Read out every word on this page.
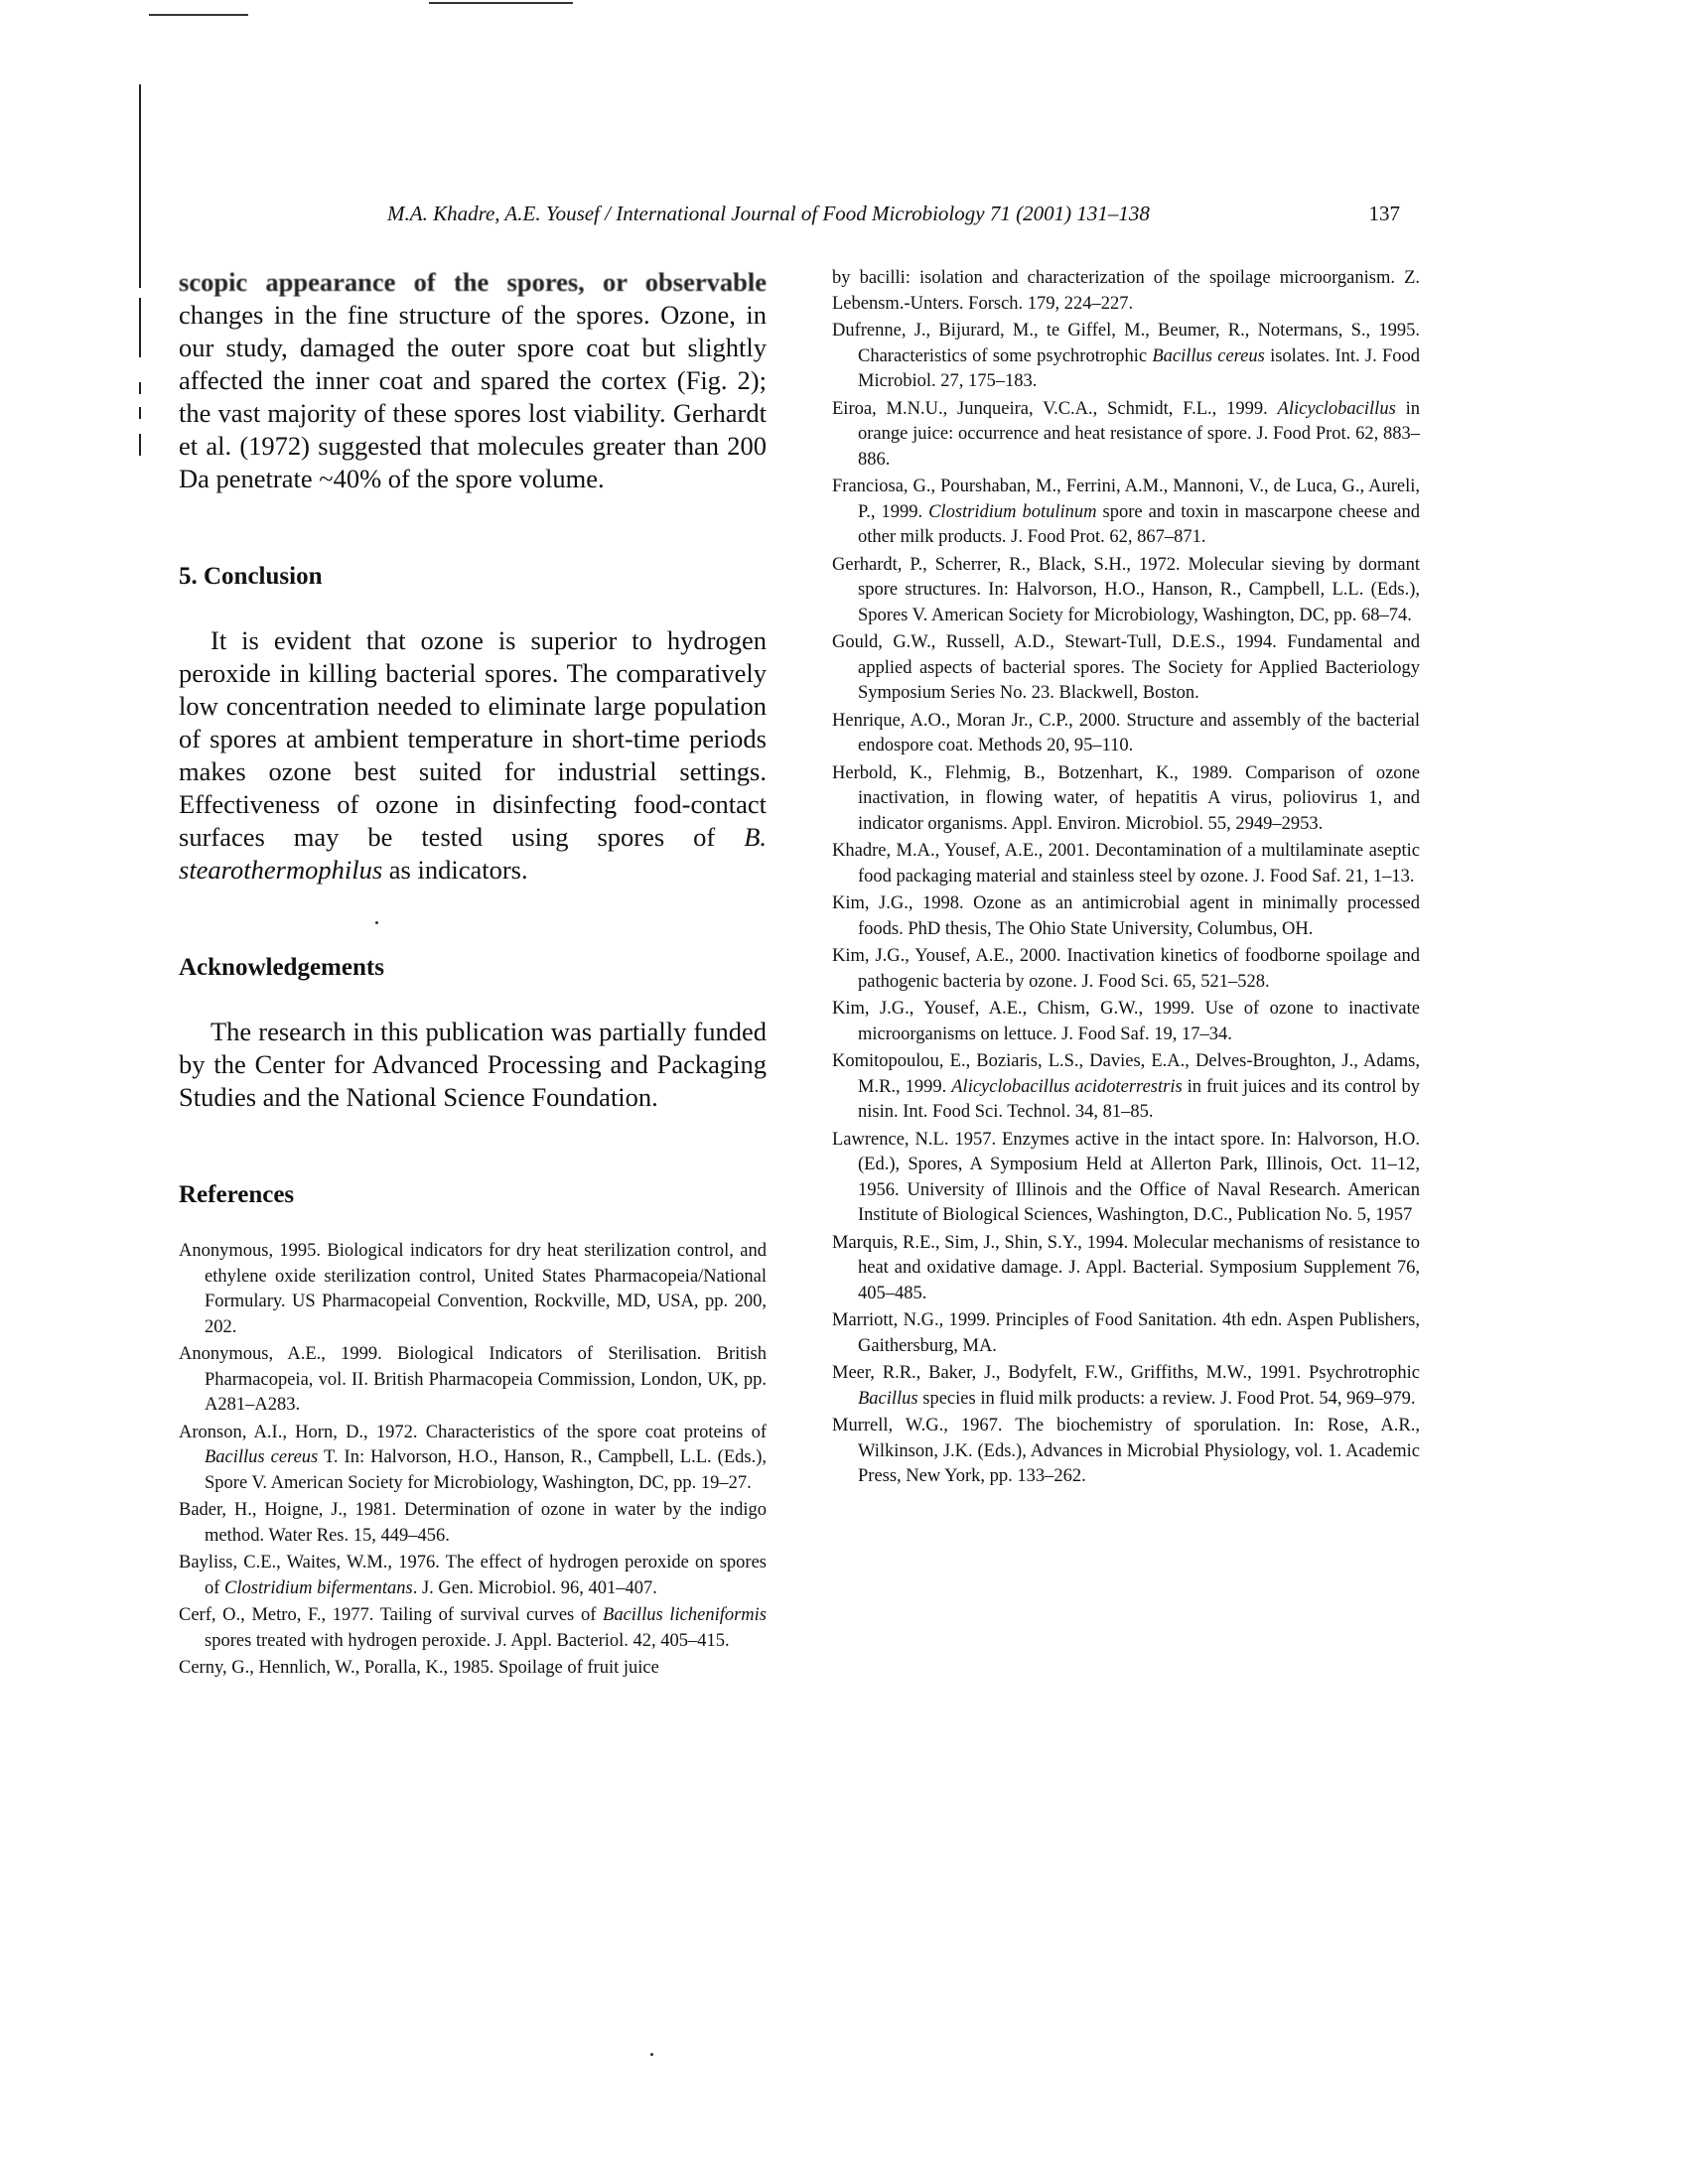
M.A. Khadre, A.E. Yousef / International Journal of Food Microbiology 71 (2001) 131–138	137

scopic appearance of the spores, or observable changes in the fine structure of the spores. Ozone, in our study, damaged the outer spore coat but slightly affected the inner coat and spared the cortex (Fig. 2); the vast majority of these spores lost viability. Gerhardt et al. (1972) suggested that molecules greater than 200 Da penetrate ~40% of the spore volume.

5. Conclusion

It is evident that ozone is superior to hydrogen peroxide in killing bacterial spores. The comparatively low concentration needed to eliminate large population of spores at ambient temperature in short-time periods makes ozone best suited for industrial settings. Effectiveness of ozone in disinfecting food-contact surfaces may be tested using spores of B. stearothermophilus as indicators.

Acknowledgements

The research in this publication was partially funded by the Center for Advanced Processing and Packaging Studies and the National Science Foundation.

References

Anonymous, 1995. Biological indicators for dry heat sterilization control, and ethylene oxide sterilization control, United States Pharmacopeia/National Formulary. US Pharmacopeial Convention, Rockville, MD, USA, pp. 200, 202.

Anonymous, A.E., 1999. Biological Indicators of Sterilisation. British Pharmacopeia, vol. II. British Pharmacopeia Commission, London, UK, pp. A281–A283.

Aronson, A.I., Horn, D., 1972. Characteristics of the spore coat proteins of Bacillus cereus T. In: Halvorson, H.O., Hanson, R., Campbell, L.L. (Eds.), Spore V. American Society for Microbiology, Washington, DC, pp. 19–27.

Bader, H., Hoigne, J., 1981. Determination of ozone in water by the indigo method. Water Res. 15, 449–456.

Bayliss, C.E., Waites, W.M., 1976. The effect of hydrogen peroxide on spores of Clostridium bifermentans. J. Gen. Microbiol. 96, 401–407.

Cerf, O., Metro, F., 1977. Tailing of survival curves of Bacillus licheniformis spores treated with hydrogen peroxide. J. Appl. Bacteriol. 42, 405–415.

Cerny, G., Hennlich, W., Poralla, K., 1985. Spoilage of fruit juice

by bacilli: isolation and characterization of the spoilage microorganism. Z. Lebensm.-Unters. Forsch. 179, 224–227.

Dufrenne, J., Bijurard, M., te Giffel, M., Beumer, R., Notermans, S., 1995. Characteristics of some psychrotrophic Bacillus cereus isolates. Int. J. Food Microbiol. 27, 175–183.

Eiroa, M.N.U., Junqueira, V.C.A., Schmidt, F.L., 1999. Alicyclobacillus in orange juice: occurrence and heat resistance of spore. J. Food Prot. 62, 883–886.

Franciosa, G., Pourshaban, M., Ferrini, A.M., Mannoni, V., de Luca, G., Aureli, P., 1999. Clostridium botulinum spore and toxin in mascarpone cheese and other milk products. J. Food Prot. 62, 867–871.

Gerhardt, P., Scherrer, R., Black, S.H., 1972. Molecular sieving by dormant spore structures. In: Halvorson, H.O., Hanson, R., Campbell, L.L. (Eds.), Spores V. American Society for Microbiology, Washington, DC, pp. 68–74.

Gould, G.W., Russell, A.D., Stewart-Tull, D.E.S., 1994. Fundamental and applied aspects of bacterial spores. The Society for Applied Bacteriology Symposium Series No. 23. Blackwell, Boston.

Henrique, A.O., Moran Jr., C.P., 2000. Structure and assembly of the bacterial endospore coat. Methods 20, 95–110.

Herbold, K., Flehmig, B., Botzenhart, K., 1989. Comparison of ozone inactivation, in flowing water, of hepatitis A virus, poliovirus 1, and indicator organisms. Appl. Environ. Microbiol. 55, 2949–2953.

Khadre, M.A., Yousef, A.E., 2001. Decontamination of a multilaminate aseptic food packaging material and stainless steel by ozone. J. Food Saf. 21, 1–13.

Kim, J.G., 1998. Ozone as an antimicrobial agent in minimally processed foods. PhD thesis, The Ohio State University, Columbus, OH.

Kim, J.G., Yousef, A.E., 2000. Inactivation kinetics of foodborne spoilage and pathogenic bacteria by ozone. J. Food Sci. 65, 521–528.

Kim, J.G., Yousef, A.E., Chism, G.W., 1999. Use of ozone to inactivate microorganisms on lettuce. J. Food Saf. 19, 17–34.

Komitopoulou, E., Boziaris, L.S., Davies, E.A., Delves-Broughton, J., Adams, M.R., 1999. Alicyclobacillus acidoterrestris in fruit juices and its control by nisin. Int. Food Sci. Technol. 34, 81–85.

Lawrence, N.L. 1957. Enzymes active in the intact spore. In: Halvorson, H.O. (Ed.), Spores, A Symposium Held at Allerton Park, Illinois, Oct. 11–12, 1956. University of Illinois and the Office of Naval Research. American Institute of Biological Sciences, Washington, D.C., Publication No. 5, 1957

Marquis, R.E., Sim, J., Shin, S.Y., 1994. Molecular mechanisms of resistance to heat and oxidative damage. J. Appl. Bacterial. Symposium Supplement 76, 405–485.

Marriott, N.G., 1999. Principles of Food Sanitation. 4th edn. Aspen Publishers, Gaithersburg, MA.

Meer, R.R., Baker, J., Bodyfelt, F.W., Griffiths, M.W., 1991. Psychrotrophic Bacillus species in fluid milk products: a review. J. Food Prot. 54, 969–979.

Murrell, W.G., 1967. The biochemistry of sporulation. In: Rose, A.R., Wilkinson, J.K. (Eds.), Advances in Microbial Physiology, vol. 1. Academic Press, New York, pp. 133–262.
